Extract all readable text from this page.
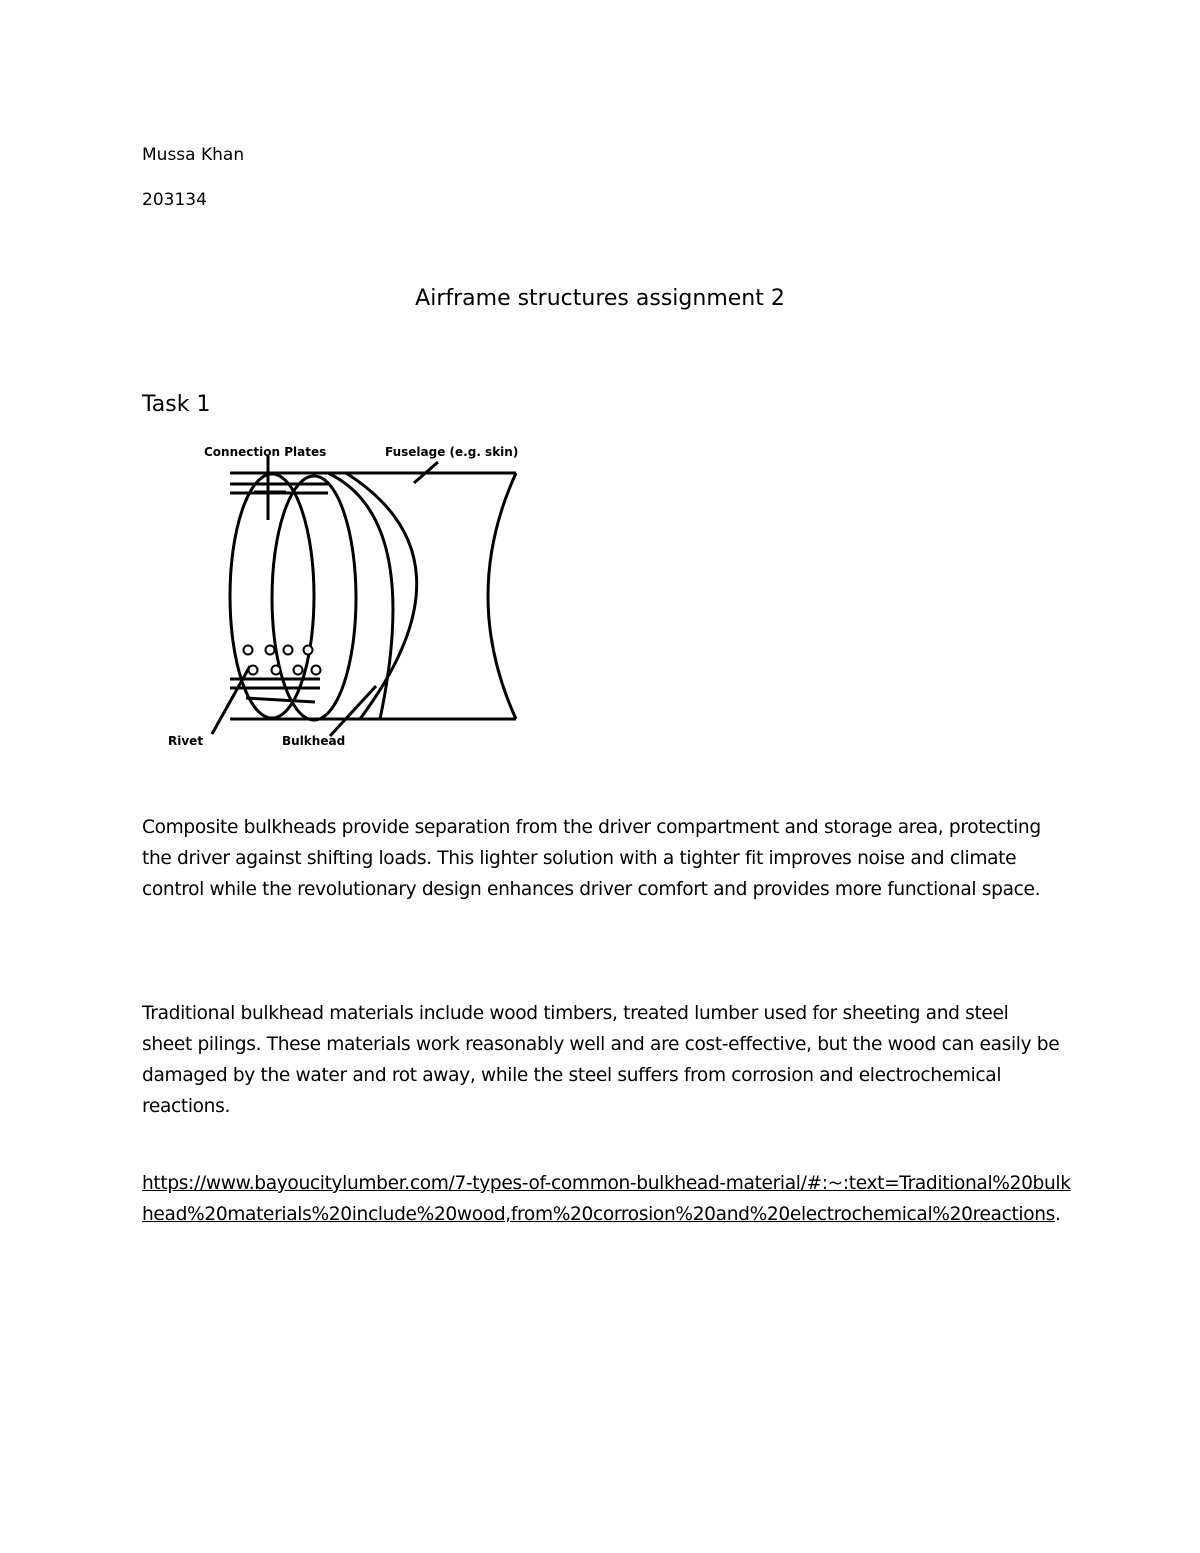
Mussa Khan
203134
Airframe structures assignment 2
Task 1
Connection Plates	Fuselage (e.g. skin)
Rivet	Bulkhead

Composite bulkheads provide separation from the driver compartment and storage area, protecting the driver against shifting loads. This lighter solution with a tighter fit improves noise and climate control while the revolutionary design enhances driver comfort and provides more functional space.

Traditional bulkhead materials include wood timbers, treated lumber used for sheeting and steel sheet pilings. These materials work reasonably well and are cost-effective, but the wood can easily be damaged by the water and rot away, while the steel suffers from corrosion and electrochemical reactions.

https://www.bayoucitylumber.com/7-types-of-common-bulkhead-material/#:~:text=Traditional%20bulkhead%20materials%20include%20wood,from%20corrosion%20and%20electrochemical%20reactions.
